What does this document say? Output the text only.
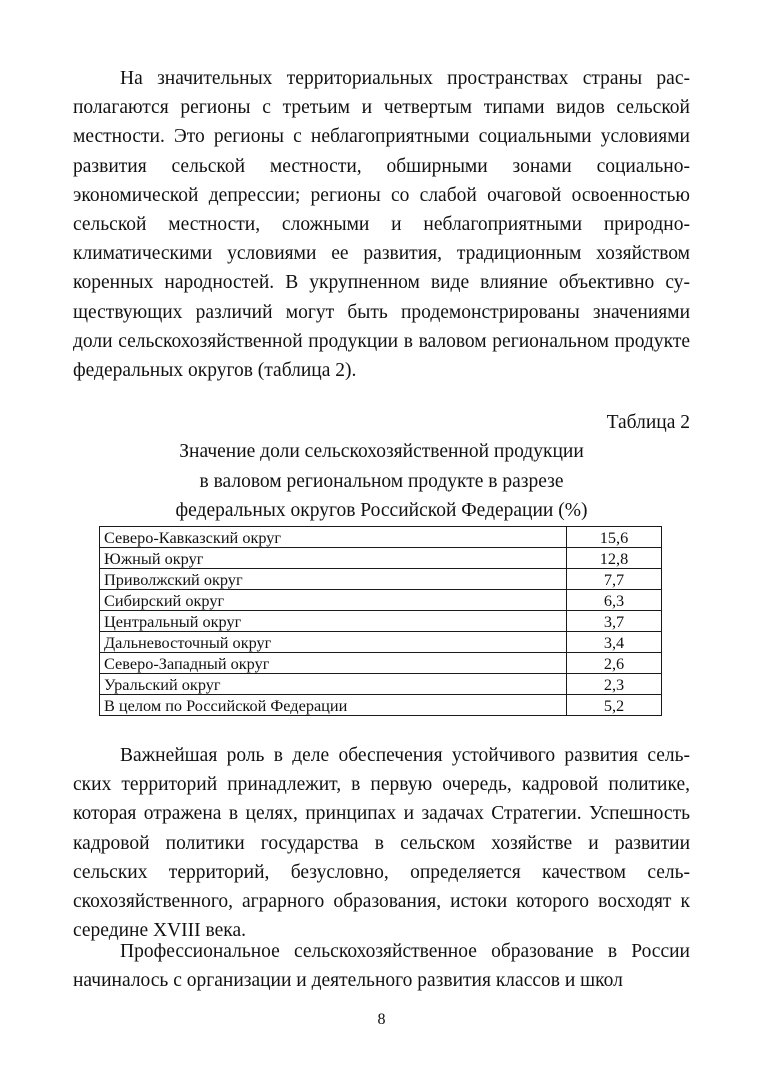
На значительных территориальных пространствах страны располагаются регионы с третьим и четвертым типами видов сельской местности. Это регионы с неблагоприятными социальными условиями развития сельской местности, обширными зонами социально-экономической депрессии; регионы со слабой очаговой освоенностью сельской местности, сложными и неблагоприятными природно-климатическими условиями ее развития, традиционным хозяйством коренных народностей. В укрупненном виде влияние объективно существующих различий могут быть продемонстрированы значениями доли сельскохозяйственной продукции в валовом региональном продукте федеральных округов (таблица 2).

Таблица 2

Значение доли сельскохозяйственной продукции
в валовом региональном продукте в разрезе
федеральных округов Российской Федерации (%)

Северо-Кавказский округ	15,6
Южный округ	12,8
Приволжский округ	7,7
Сибирский округ	6,3
Центральный округ	3,7
Дальневосточный округ	3,4
Северо-Западный округ	2,6
Уральский округ	2,3
В целом по Российской Федерации	5,2

Важнейшая роль в деле обеспечения устойчивого развития сельских территорий принадлежит, в первую очередь, кадровой политике, которая отражена в целях, принципах и задачах Стратегии. Успешность кадровой политики государства в сельском хозяйстве и развитии сельских территорий, безусловно, определяется качеством сельскохозяйственного, аграрного образования, истоки которого восходят к середине XVIII века.

Профессиональное сельскохозяйственное образование в России начиналось с организации и деятельного развития классов и школ

8
